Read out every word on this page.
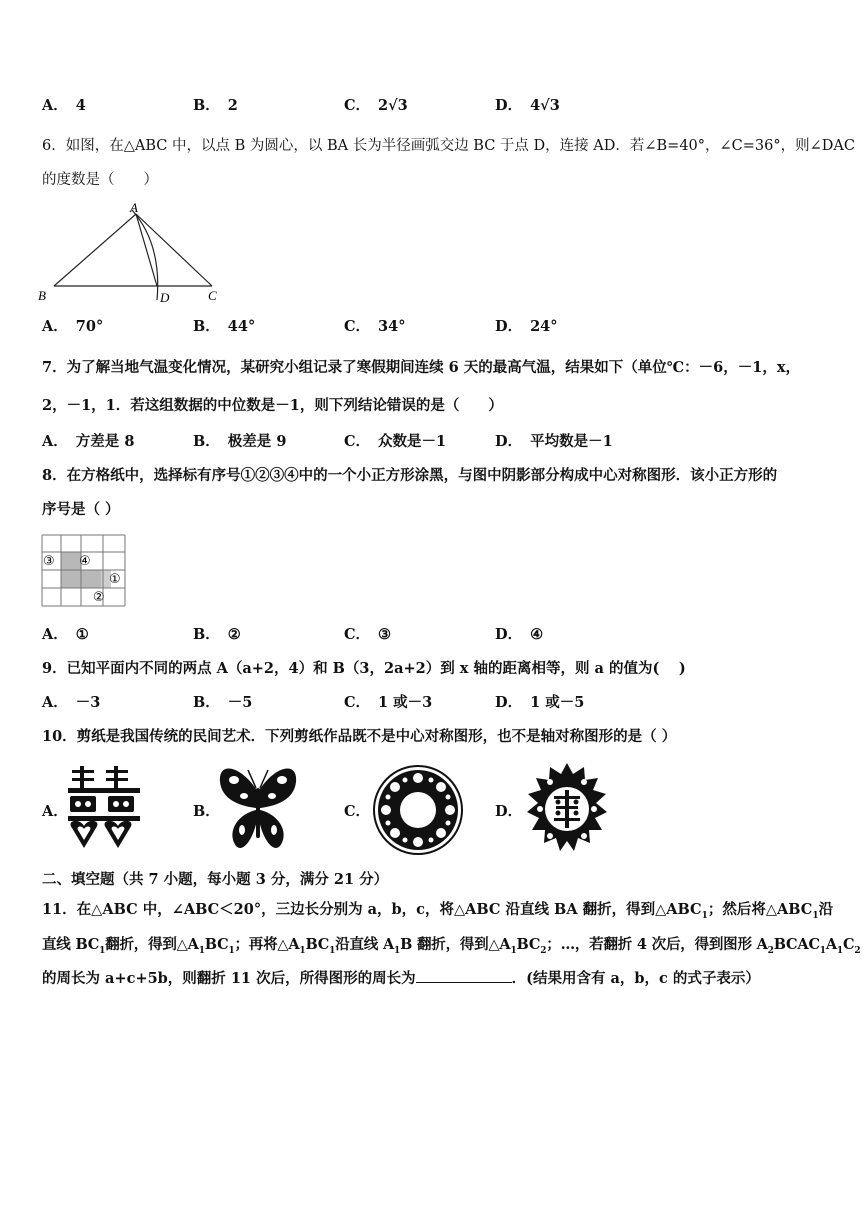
A． 4	B． 2	C． 2√3	D． 4√3
6．如图，在△ABC 中，以点 B 为圆心，以 BA 长为半径画弧交边 BC 于点 D，连接 AD．若∠B=40°，∠C=36°，则∠DAC
的度数是（　　）
A
B	D	C
A． 70°	B． 44°	C． 34°	D． 24°
7．为了解当地气温变化情况，某研究小组记录了寒假期间连续 6 天的最高气温，结果如下（单位℃：－6，－1，x，
2，－1，1．若这组数据的中位数是－1，则下列结论错误的是（　　）
A． 方差是 8	B． 极差是 9	C． 众数是－1	D． 平均数是－1
8．在方格纸中，选择标有序号①②③④中的一个小正方形涂黑，与图中阴影部分构成中心对称图形．该小正方形的
序号是（ ）
③ ④
①
②
A． ①	B． ②	C． ③	D． ④
9．已知平面内不同的两点 A（a+2，4）和 B（3，2a+2）到 x 轴的距离相等，则 a 的值为(　 )
A． －3	B． －5	C． 1 或－3	D． 1 或－5
10．剪纸是我国传统的民间艺术．下列剪纸作品既不是中心对称图形，也不是轴对称图形的是（ ）
A．	B．	C．	D．
二、填空题（共 7 小题，每小题 3 分，满分 21 分）
11．在△ABC 中，∠ABC＜20°，三边长分别为 a，b，c，将△ABC 沿直线 BA 翻折，得到$\triangle ABC_1$；然后将$\triangle ABC_1$沿
直线 $BC_1$翻折，得到$\triangle A_1BC_1$；再将$\triangle A_1BC_1$沿直线 $A_1B$ 翻折，得到$\triangle A_1BC_2$；…，若翻折 4 次后，得到图形 $A_2BCAC_1A_1C_2$
的周长为 a+c+5b，则翻折 11 次后，所得图形的周长为	．(结果用含有 a，b，c 的式子表示）
